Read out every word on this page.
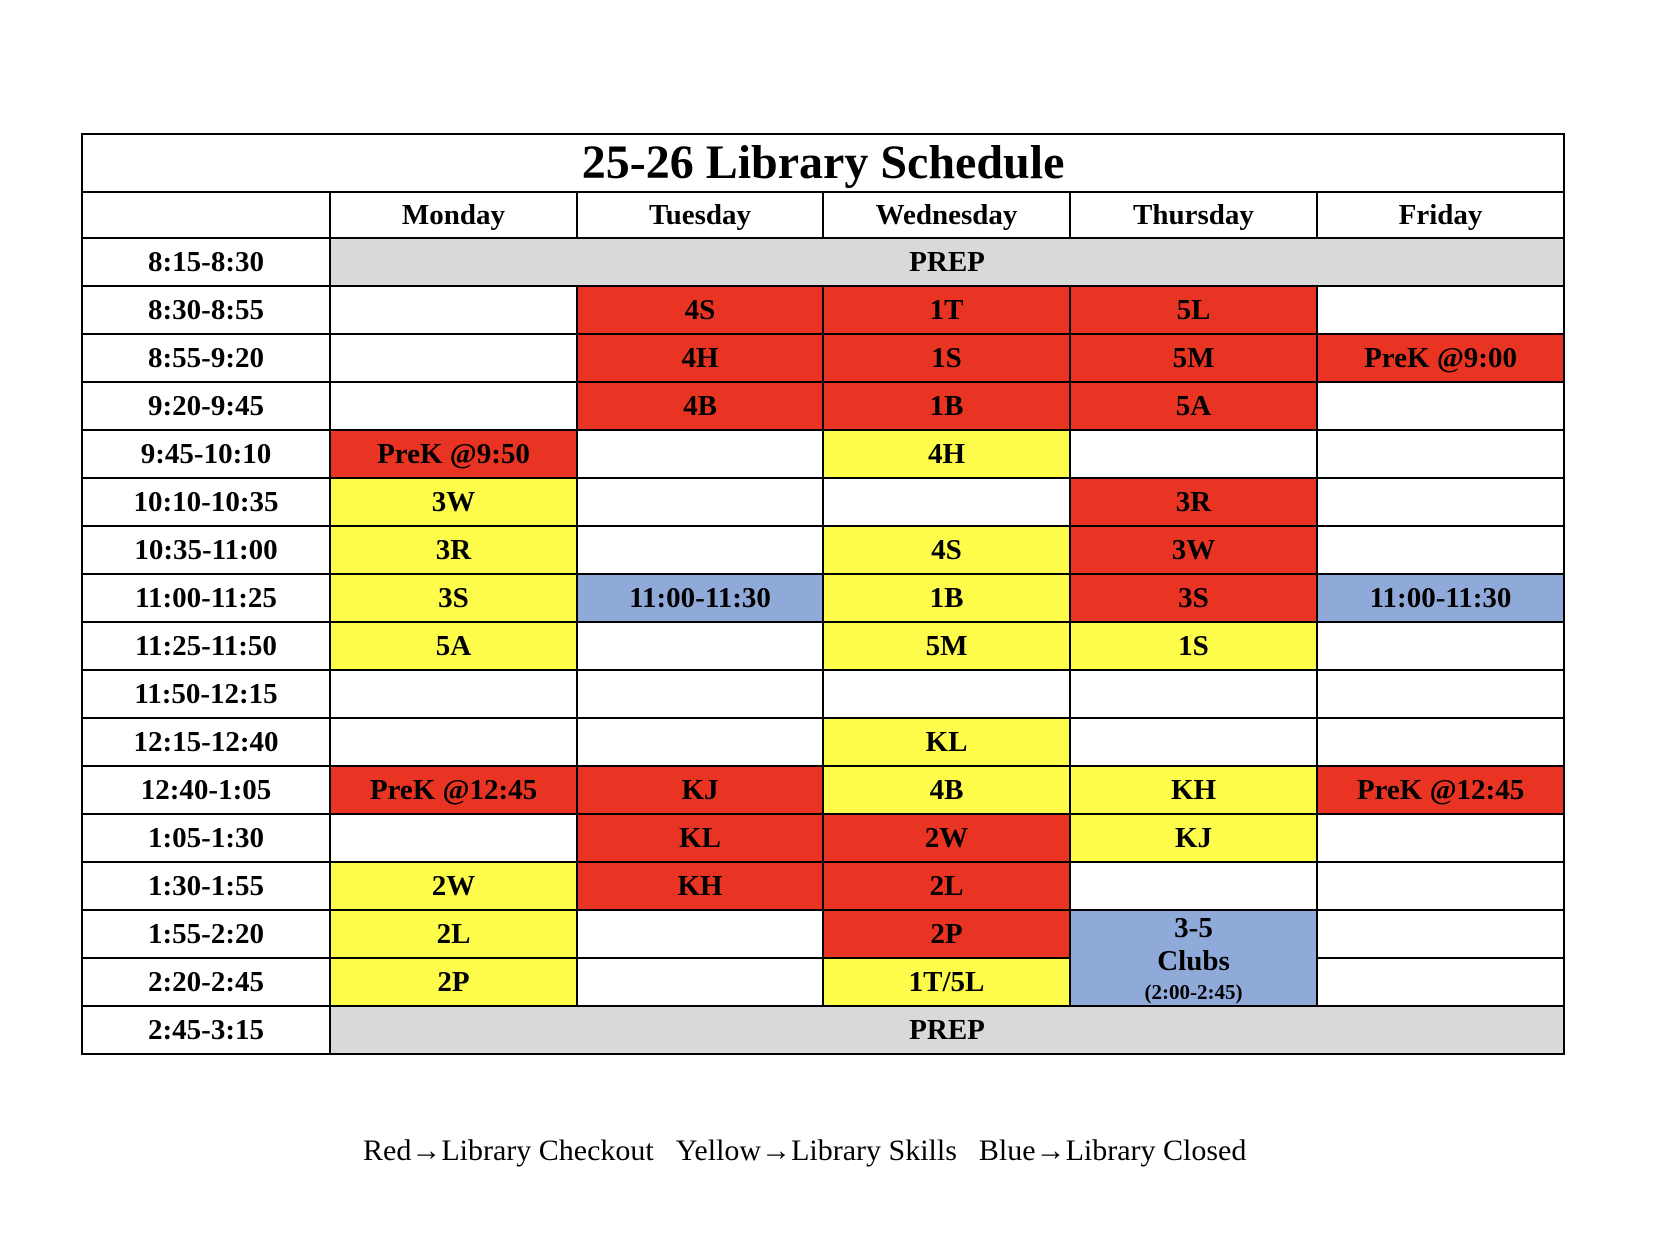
25-26 Library Schedule					
	Monday	Tuesday	Wednesday	Thursday	Friday
8:15-8:30	PREP				
8:30-8:55		4S	1T	5L	
8:55-9:20		4H	1S	5M	PreK @9:00
9:20-9:45		4B	1B	5A	
9:45-10:10	PreK @9:50		4H		
10:10-10:35	3W			3R	
10:35-11:00	3R		4S	3W	
11:00-11:25	3S	11:00-11:30	1B	3S	11:00-11:30
11:25-11:50	5A		5M	1S	
11:50-12:15					
12:15-12:40			KL		
12:40-1:05	PreK @12:45	KJ	4B	KH	PreK @12:45
1:05-1:30		KL	2W	KJ	
1:30-1:55	2W	KH	2L		
1:55-2:20	2L		2P	3-5
Clubs
(2:00-2:45)	

2:20-2:45	2P		1T/5L		
2:45-3:15	PREP				

Red→Library Checkout Yellow→Library Skills Blue→Library Closed
